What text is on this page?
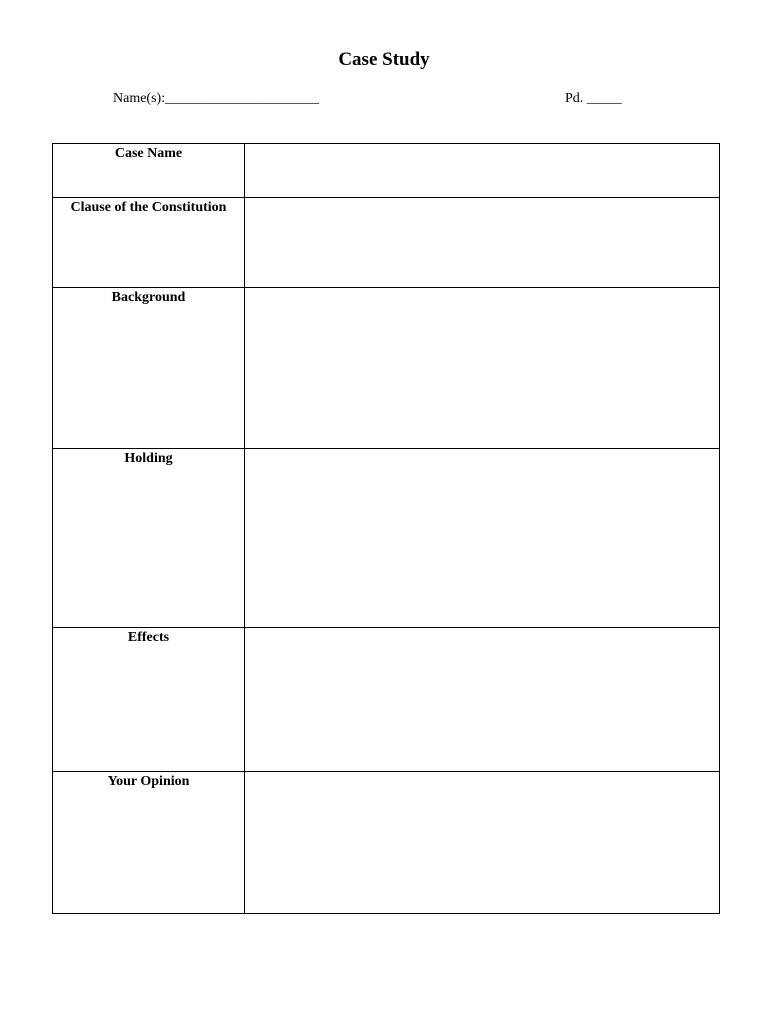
Case Study
Name(s):______________________	Pd. _____
Case Name	

Clause of the Constitution	

Background	

Holding	

Effects	

Your Opinion	
